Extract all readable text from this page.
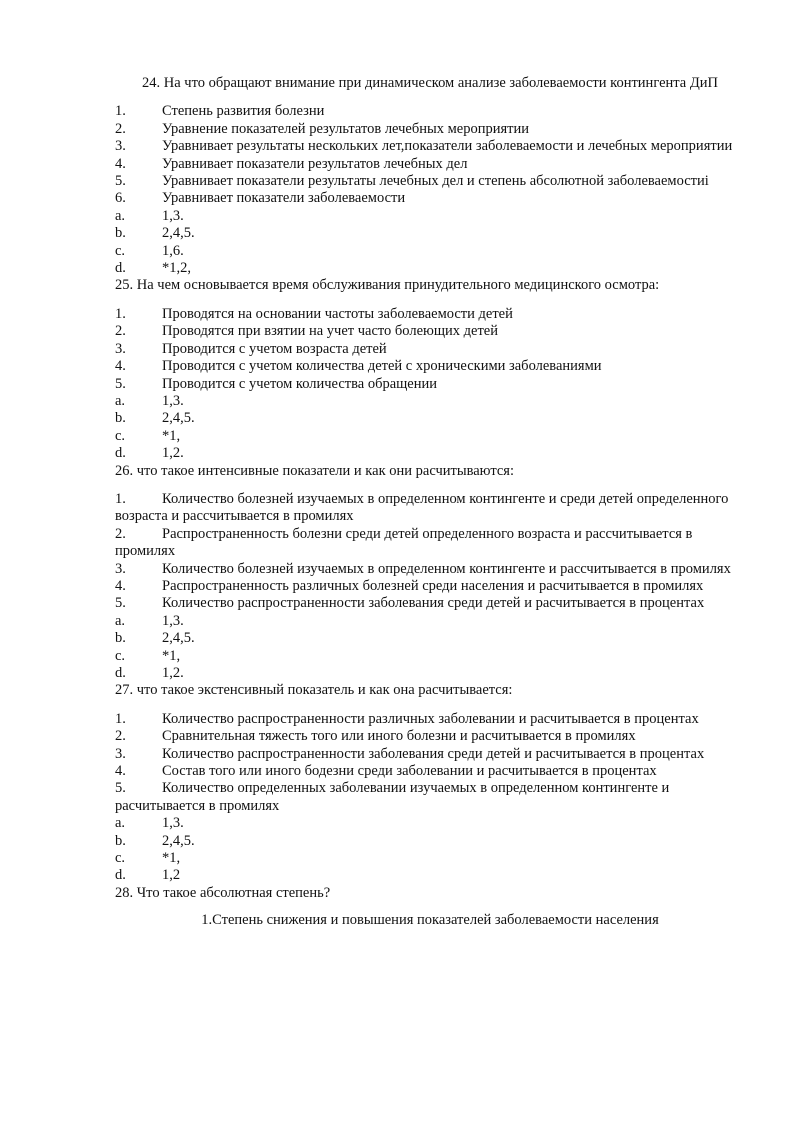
24. На что обращают внимание при динамическом анализе заболеваемости контингента ДиП

1.	Степень развития болезни
2.	Уравнение показателей результатов лечебных мероприятии
3. Уравнивает результаты нескольких лет,показатели заболеваемости и лечебных мероприятии
4.	Уравнивает показатели результатов лечебных дел
5. Уравнивает показатели результаты лечебных дел и степень абсолютной заболеваемостиі
6.	Уравнивает показатели заболеваемости
a.	1,3.
b.	2,4,5.
c.	1,6.
d.	*1,2,

25. На чем основывается время обслуживания принудительного медицинского осмотра:

1.	Проводятся на основании частоты заболеваемости детей
2.	Проводятся при взятии на учет часто болеющих детей
3.	Проводится с учетом возраста детей
4.	Проводится с учетом количества детей с хроническими заболеваниями
5.	Проводится с учетом количества обращении
a.	1,3.
b.	2,4,5.
c.	*1,
d.	1,2.

26. что такое интенсивные показатели и как они расчитываются:

1. Количество болезней изучаемых в определенном контингенте и среди детей определенного возраста и рассчитывается в промилях
2. Распространенность болезни среди детей определенного возраста и рассчитывается в промилях
3. Количество болезней изучаемых в определенном контингенте и рассчитывается в промилях
4. Распространенность различных болезней среди населения и расчитывается в промилях
5. Количество распространенности заболевания среди детей и расчитывается в процентах
a.	1,3.
b.	2,4,5.
c.	*1,
d.	1,2.

27. что такое экстенсивный показатель и как она расчитывается:

1. Количество распространенности различных заболевании и расчитывается в процентах
2.	Сравнительная тяжесть того или иного болезни и расчитывается в промилях
3. Количество распространенности заболевания среди детей и расчитывается в процентах
4.	Состав того или иного бодезни среди заболевании и расчитывается в процентах
5. Количество определенных заболевании изучаемых в определенном контингенте и расчитывается в промилях
a.	1,3.
b.	2,4,5.
c.	*1,
d.	1,2

28. Что такое абсолютная степень?

1.Степень снижения и повышения показателей заболеваемости населения
